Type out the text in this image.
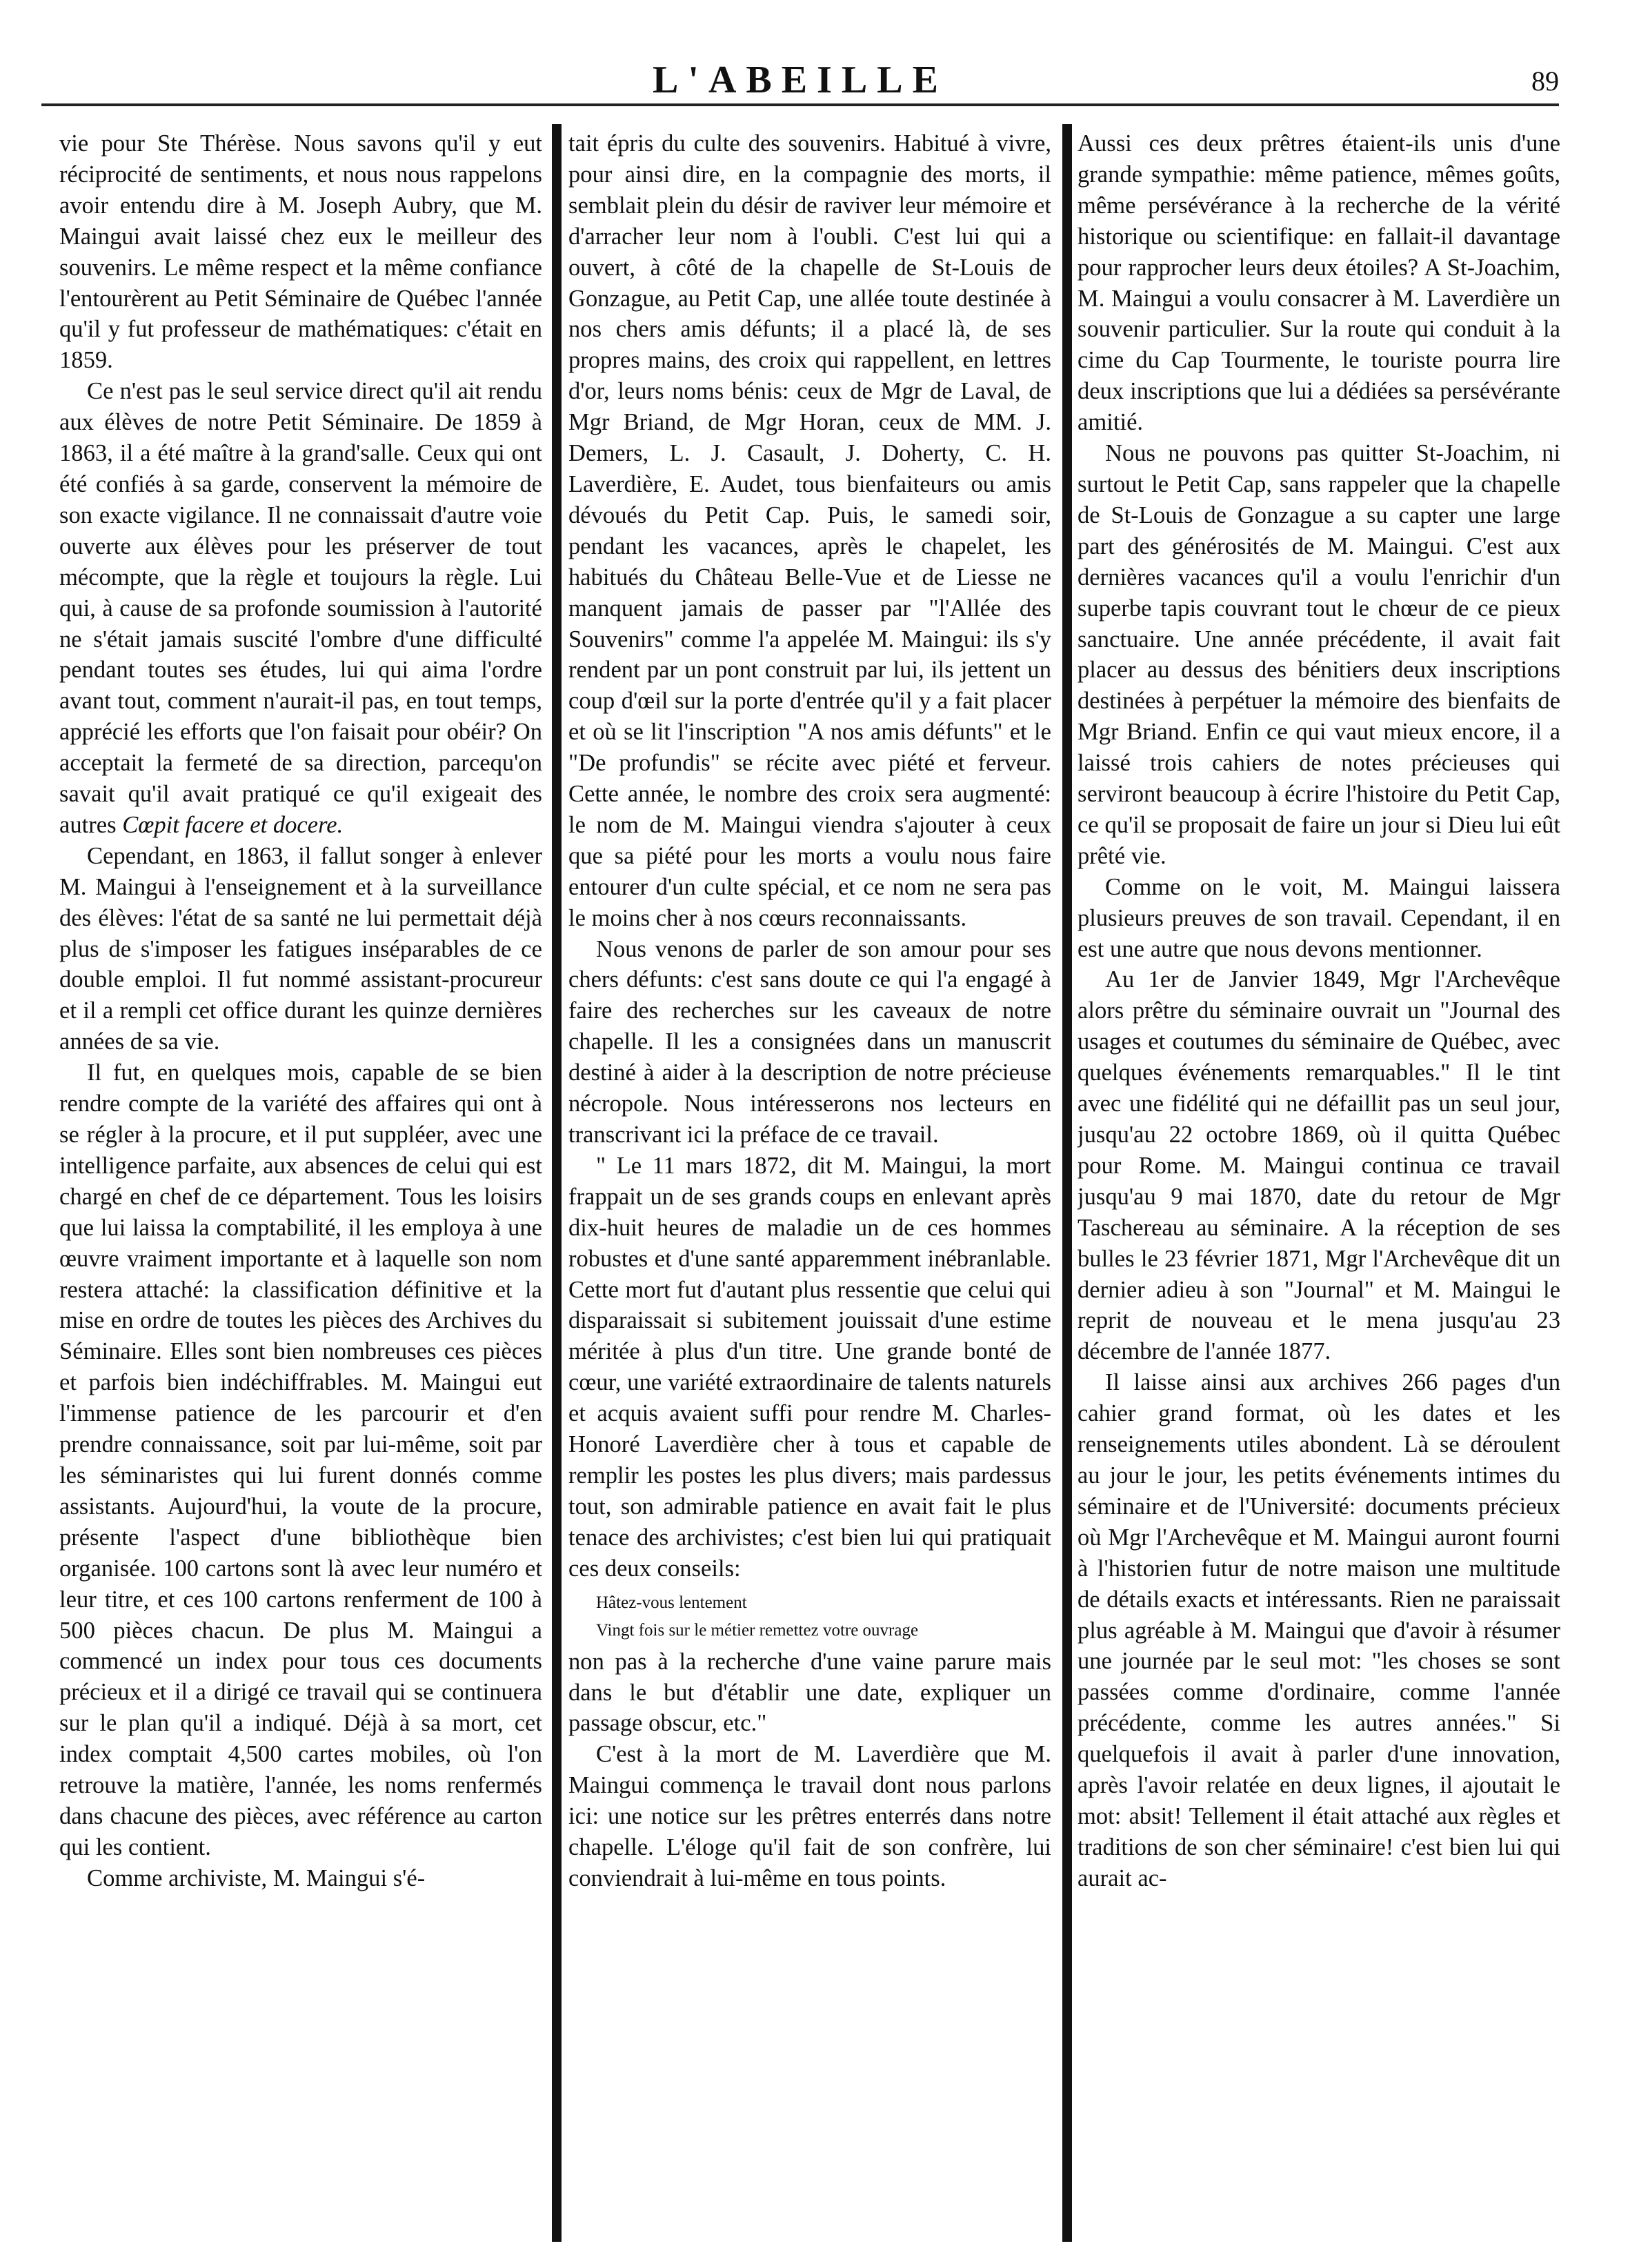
L'ABEILLE	89

vie pour Ste Thérèse. Nous savons qu'il y eut réciprocité de sentiments, et nous nous rappelons avoir entendu dire à M. Joseph Aubry, que M. Maingui avait laissé chez eux le meilleur des souvenirs. Le même respect et la même confiance l'entourèrent au Petit Séminaire de Québec l'année qu'il y fut professeur de mathématiques: c'était en 1859.

Ce n'est pas le seul service direct qu'il ait rendu aux élèves de notre Petit Séminaire. De 1859 à 1863, il a été maître à la grand'salle. Ceux qui ont été confiés à sa garde, conservent la mémoire de son exacte vigilance. Il ne connaissait d'autre voie ouverte aux élèves pour les préserver de tout mécompte, que la règle et toujours la règle. Lui qui, à cause de sa profonde soumission à l'autorité ne s'était jamais suscité l'ombre d'une difficulté pendant toutes ses études, lui qui aima l'ordre avant tout, comment n'aurait-il pas, en tout temps, apprécié les efforts que l'on faisait pour obéir? On acceptait la fermeté de sa direction, parcequ'on savait qu'il avait pratiqué ce qu'il exigeait des autres Cœpit facere et docere.

Cependant, en 1863, il fallut songer à enlever M. Maingui à l'enseignement et à la surveillance des élèves: l'état de sa santé ne lui permettait déjà plus de s'imposer les fatigues inséparables de ce double emploi. Il fut nommé assistant-procureur et il a rempli cet office durant les quinze dernières années de sa vie.

Il fut, en quelques mois, capable de se bien rendre compte de la variété des affaires qui ont à se régler à la procure, et il put suppléer, avec une intelligence parfaite, aux absences de celui qui est chargé en chef de ce département. Tous les loisirs que lui laissa la comptabilité, il les employa à une œuvre vraiment importante et à laquelle son nom restera attaché: la classification définitive et la mise en ordre de toutes les pièces des Archives du Séminaire. Elles sont bien nombreuses ces pièces et parfois bien indéchiffrables. M. Maingui eut l'immense patience de les parcourir et d'en prendre connaissance, soit par lui-même, soit par les séminaristes qui lui furent donnés comme assistants. Aujourd'hui, la voute de la procure, présente l'aspect d'une bibliothèque bien organisée. 100 cartons sont là avec leur numéro et leur titre, et ces 100 cartons renferment de 100 à 500 pièces chacun. De plus M. Maingui a commencé un index pour tous ces documents précieux et il a dirigé ce travail qui se continuera sur le plan qu'il a indiqué. Déjà à sa mort, cet index comptait 4,500 cartes mobiles, où l'on retrouve la matière, l'année, les noms renfermés dans chacune des pièces, avec référence au carton qui les contient.

Comme archiviste, M. Maingui s'é-

tait épris du culte des souvenirs. Habitué à vivre, pour ainsi dire, en la compagnie des morts, il semblait plein du désir de raviver leur mémoire et d'arracher leur nom à l'oubli. C'est lui qui a ouvert, à côté de la chapelle de St-Louis de Gonzague, au Petit Cap, une allée toute destinée à nos chers amis défunts; il a placé là, de ses propres mains, des croix qui rappellent, en lettres d'or, leurs noms bénis: ceux de Mgr de Laval, de Mgr Briand, de Mgr Horan, ceux de MM. J. Demers, L. J. Casault, J. Doherty, C. H. Laverdière, E. Audet, tous bienfaiteurs ou amis dévoués du Petit Cap. Puis, le samedi soir, pendant les vacances, après le chapelet, les habitués du Château Belle-Vue et de Liesse ne manquent jamais de passer par "l'Allée des Souvenirs" comme l'a appelée M. Maingui: ils s'y rendent par un pont construit par lui, ils jettent un coup d'œil sur la porte d'entrée qu'il y a fait placer et où se lit l'inscription "A nos amis défunts" et le "De profundis" se récite avec piété et ferveur. Cette année, le nombre des croix sera augmenté: le nom de M. Maingui viendra s'ajouter à ceux que sa piété pour les morts a voulu nous faire entourer d'un culte spécial, et ce nom ne sera pas le moins cher à nos cœurs reconnaissants.

Nous venons de parler de son amour pour ses chers défunts: c'est sans doute ce qui l'a engagé à faire des recherches sur les caveaux de notre chapelle. Il les a consignées dans un manuscrit destiné à aider à la description de notre précieuse nécropole. Nous intéresserons nos lecteurs en transcrivant ici la préface de ce travail.

" Le 11 mars 1872, dit M. Maingui, la mort frappait un de ses grands coups en enlevant après dix-huit heures de maladie un de ces hommes robustes et d'une santé apparemment inébranlable. Cette mort fut d'autant plus ressentie que celui qui disparaissait si subitement jouissait d'une estime méritée à plus d'un titre. Une grande bonté de cœur, une variété extraordinaire de talents naturels et acquis avaient suffi pour rendre M. Charles-Honoré Laverdière cher à tous et capable de remplir les postes les plus divers; mais pardessus tout, son admirable patience en avait fait le plus tenace des archivistes; c'est bien lui qui pratiquait ces deux conseils:

Hâtez-vous lentement

Vingt fois sur le métier remettez votre ouvrage

non pas à la recherche d'une vaine parure mais dans le but d'établir une date, expliquer un passage obscur, etc."

C'est à la mort de M. Laverdière que M. Maingui commença le travail dont nous parlons ici: une notice sur les prêtres enterrés dans notre chapelle. L'éloge qu'il fait de son confrère, lui conviendrait à lui-même en tous points.

Aussi ces deux prêtres étaient-ils unis d'une grande sympathie: même patience, mêmes goûts, même persévérance à la recherche de la vérité historique ou scientifique: en fallait-il davantage pour rapprocher leurs deux étoiles? A St-Joachim, M. Maingui a voulu consacrer à M. Laverdière un souvenir particulier. Sur la route qui conduit à la cime du Cap Tourmente, le touriste pourra lire deux inscriptions que lui a dédiées sa persévérante amitié.

Nous ne pouvons pas quitter St-Joachim, ni surtout le Petit Cap, sans rappeler que la chapelle de St-Louis de Gonzague a su capter une large part des générosités de M. Maingui. C'est aux dernières vacances qu'il a voulu l'enrichir d'un superbe tapis couvrant tout le chœur de ce pieux sanctuaire. Une année précédente, il avait fait placer au dessus des bénitiers deux inscriptions destinées à perpétuer la mémoire des bienfaits de Mgr Briand. Enfin ce qui vaut mieux encore, il a laissé trois cahiers de notes précieuses qui serviront beaucoup à écrire l'histoire du Petit Cap, ce qu'il se proposait de faire un jour si Dieu lui eût prêté vie.

Comme on le voit, M. Maingui laissera plusieurs preuves de son travail. Cependant, il en est une autre que nous devons mentionner.

Au 1er de Janvier 1849, Mgr l'Archevêque alors prêtre du séminaire ouvrait un "Journal des usages et coutumes du séminaire de Québec, avec quelques événements remarquables." Il le tint avec une fidélité qui ne défaillit pas un seul jour, jusqu'au 22 octobre 1869, où il quitta Québec pour Rome. M. Maingui continua ce travail jusqu'au 9 mai 1870, date du retour de Mgr Taschereau au séminaire. A la réception de ses bulles le 23 février 1871, Mgr l'Archevêque dit un dernier adieu à son "Journal" et M. Maingui le reprit de nouveau et le mena jusqu'au 23 décembre de l'année 1877.

Il laisse ainsi aux archives 266 pages d'un cahier grand format, où les dates et les renseignements utiles abondent. Là se déroulent au jour le jour, les petits événements intimes du séminaire et de l'Université: documents précieux où Mgr l'Archevêque et M. Maingui auront fourni à l'historien futur de notre maison une multitude de détails exacts et intéressants. Rien ne paraissait plus agréable à M. Maingui que d'avoir à résumer une journée par le seul mot: "les choses se sont passées comme d'ordinaire, comme l'année précédente, comme les autres années." Si quelquefois il avait à parler d'une innovation, après l'avoir relatée en deux lignes, il ajoutait le mot: absit! Tellement il était attaché aux règles et traditions de son cher séminaire! c'est bien lui qui aurait ac-
